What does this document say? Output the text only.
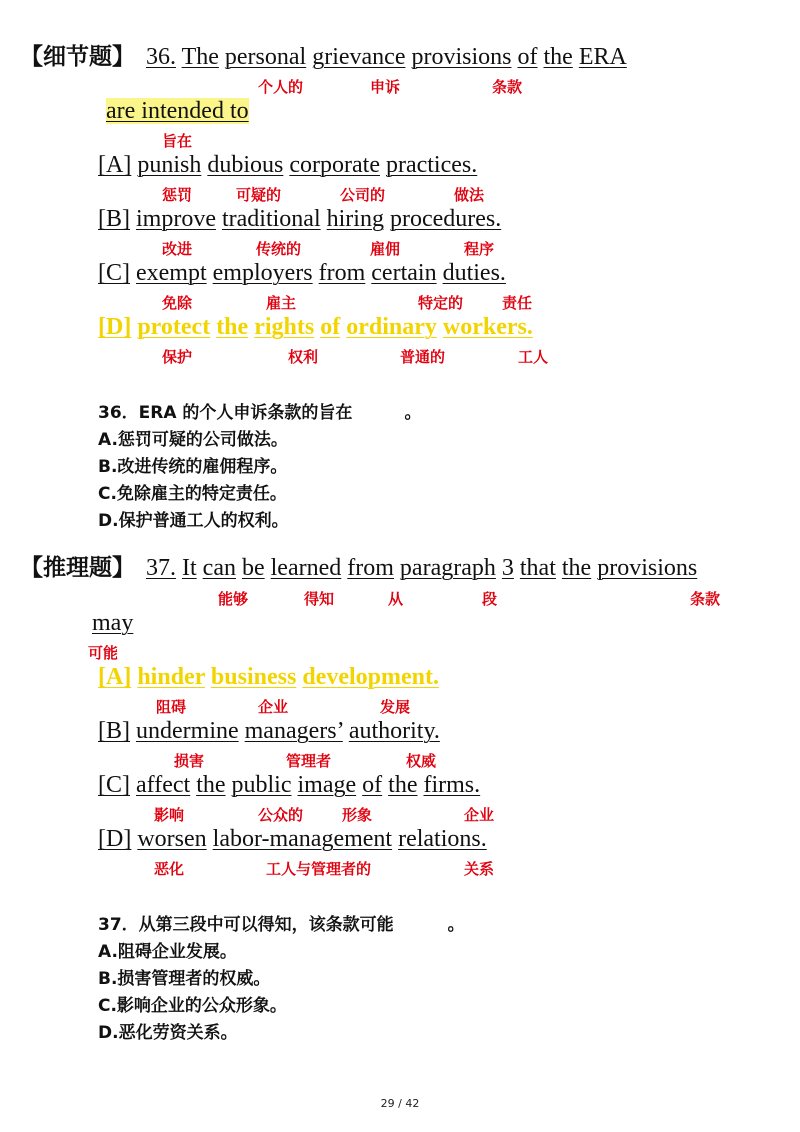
【细节题】 36. The personal grievance provisions of the ERA
个人的	申诉	条款
are intended to
旨在
[A] punish dubious corporate practices.
惩罚	可疑的	公司的	做法
[B] improve traditional hiring procedures.
改进	传统的	雇佣	程序
[C] exempt employers from certain duties.
免除	雇主	特定的	责任
[D] protect the rights of ordinary workers.
保护	权利	普通的	工人
36．ERA 的个人申诉条款的旨在	。
A.惩罚可疑的公司做法。
B.改进传统的雇佣程序。
C.免除雇主的特定责任。
D.保护普通工人的权利。
【推理题】 37. It can be learned from paragraph 3 that the provisions
能够	得知	从	段	条款
may
可能
[A] hinder business development.
阻碍	企业	发展
[B] undermine managers’ authority.
损害	管理者	权威
[C] affect the public image of the firms.
影响	公众的	形象	企业
[D] worsen labor-management relations.
恶化	工人与管理者的	关系
37．从第三段中可以得知，该条款可能	。
A.阻碍企业发展。
B.损害管理者的权威。
C.影响企业的公众形象。
D.恶化劳资关系。
29 / 42
